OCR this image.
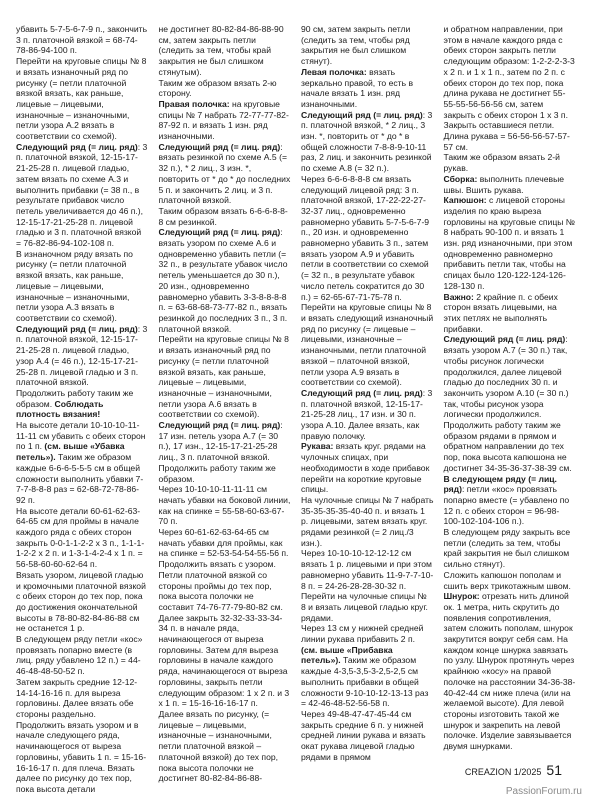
убавить 5-7-5-6-7-9 п., закончить 3 п. платочной вязкой = 68-74-78-86-94-100 п.

Перейти на круговые спицы № 8 и вязать изнаночный ряд по рисунку (= петли платочной вязкой вязать, как раньше, лицевые – лицевыми, изнаночные – изнаночными, петли узора А.2 вязать в соответствии со схемой).

Следующий ряд (= лиц. ряд): 3 п. платочной вязкой, 12-15-17-21-25-28 п. лицевой гладью, затем вязать по схеме А.3 и выполнить прибавки (= 38 п., в результате прибавок число петель увеличивается до 46 п.), 12-15-17-21-25-28 п. лицевой гладью и 3 п. платочной вязкой = 76-82-86-94-102-108 п.

В изнаночном ряду вязать по рисунку (= петли платочной вязкой вязать, как раньше, лицевые – лицевыми, изнаночные – изнаночными, петли узора А.3 вязать в соответствии со схемой).

Следующий ряд (= лиц. ряд): 3 п. платочной вязкой, 12-15-17-21-25-28 п. лицевой гладью, узор А.4 (= 46 п.), 12-15-17-21-25-28 п. лицевой гладью и 3 п. платочной вязкой.

Продолжить работу таким же образом. Соблюдать плотность вязания!

На высоте детали 10-10-10-11-11-11 см убавить с обеих сторон по 1 п. (см. выше «Убавка петель»). Таким же образом каждые 6-6-6-5-5-5 см в общей сложности выполнить убавки 7-7-7-8-8-8 раз = 62-68-72-78-86-92 п.

На высоте детали 60-61-62-63-64-65 см для проймы в начале каждого ряда с обеих сторон закрыть 0-0-1-1-2-2 х 3 п., 1-1-1-1-2-2 х 2 п. и 1-3-1-4-2-4 х 1 п. = 56-58-60-60-62-64 п.

Вязать узором, лицевой гладью и кромочными платочной вязкой с обеих сторон до тех пор, пока до достижения окончательной высоты в 78-80-82-84-86-88 см не останется 1 р.

В следующем ряду петли «кос» провязать попарно вместе (в лиц. ряду убавлено 12 п.) = 44-46-48-48-50-52 п.

Затем закрыть средние 12-12-14-14-16-16 п. для выреза горловины. Далее вязать обе стороны раздельно.

Продолжить вязать узором и в начале следующего ряда, начинающегося от выреза горловины, убавить 1 п. = 15-16-16-16-17 п. для плеча. Вязать далее по рисунку до тех пор, пока высота детали

не достигнет 80-82-84-86-88-90 см, затем закрыть петли (следить за тем, чтобы край закрытия не был слишком стянутым).

Таким же образом вязать 2-ю сторону.

Правая полочка: на круговые спицы № 7 набрать 72-77-77-82-87-92 п. и вязать 1 изн. ряд изнаночными.

Следующий ряд (= лиц. ряд): вязать резинкой по схеме А.5 (= 32 п.), * 2 лиц., 3 изн. *, повторить от * до * до последних 5 п. и закончить 2 лиц. и 3 п. платочной вязкой.

Таким образом вязать 6-6-6-8-8-8 см резинкой.

Следующий ряд (= лиц. ряд): вязать узором по схеме А.6 и одновременно убавить петли (= 32 п., в результате убавок число петель уменьшается до 30 п.), 20 изн., одновременно равномерно убавить 3-3-8-8-8-8 п. = 63-68-68-73-77-82 п., вязать резинкой до последних 3 п., 3 п. платочной вязкой.

Перейти на круговые спицы № 8 и вязать изнаночный ряд по рисунку (= петли платочной вязкой вязать, как раньше, лицевые – лицевыми, изнаночные – изнаночными, петли узора А.6 вязать в соответствии со схемой).

Следующий ряд (= лиц. ряд): 17 изн. петель узора А.7 (= 30 п.), 17 изн., 12-15-17-21-25-28 лиц., 3 п. платочной вязкой. Продолжить работу таким же образом.

Через 10-10-10-11-11-11 см начать убавки на боковой линии, как на спинке = 55-58-60-63-67-70 п.

Через 60-61-62-63-64-65 см начать убавки для проймы, как на спинке = 52-53-54-54-55-56 п. Продолжить вязать с узором. Петли платочной вязкой со стороны проймы до тех пор, пока высота полочки не составит 74-76-77-79-80-82 см.

Далее закрыть 32-32-33-33-34-34 п. в начале ряда, начинающегося от выреза горловины. Затем для выреза горловины в начале каждого ряда, начинающегося от выреза горловины, закрыть петли следующим образом: 1 х 2 п. и 3 х 1 п. = 15-16-16-16-17 п.

Далее вязать по рисунку, (= лицевые – лицевыми, изнаночные – изнаночными, петли платочной вязкой – платочной вязкой) до тех пор, пока высота полочки не достигнет 80-82-84-86-88-

90 см, затем закрыть петли (следить за тем, чтобы ряд закрытия не был слишком стянут).

Левая полочка: вязать зеркально правой, то есть в начале вязать 1 изн. ряд изнаночными.

Следующий ряд (= лиц. ряд): 3 п. платочной вязкой, * 2 лиц., 3 изн. *, повторить от * до * в общей сложности 7-8-8-9-10-11 раз, 2 лиц. и закончить резинкой по схеме А.8 (= 32 п.).

Через 6-6-6-8-8-8 см вязать следующий лицевой ряд: 3 п. платочной вязкой, 17-22-22-27-32-37 лиц., одновременно равномерно убавить 5-7-5-6-7-9 п., 20 изн. и одновременно равномерно убавить 3 п., затем вязать узором А.9 и убавить петли в соответствии со схемой (= 32 п., в результате убавок число петель сократится до 30 п.) = 62-65-67-71-75-78 п.

Перейти на круговые спицы № 8 и вязать следующий изнаночный ряд по рисунку (= лицевые – лицевыми, изнаночные – изнаночными, петли платочной вязкой – платочной вязкой, петли узора А.9 вязать в соответствии со схемой).

Следующий ряд (= лиц. ряд): 3 п. платочной вязкой, 12-15-17-21-25-28 лиц., 17 изн. и 30 п. узора А.10. Далее вязать, как правую полочку.

Рукава: вязать круг. рядами на чулочных спицах, при необходимости в ходе прибавок перейти на короткие круговые спицы.

На чулочные спицы № 7 набрать 35-35-35-35-40-40 п. и вязать 1 р. лицевыми, затем вязать круг. рядами резинкой (= 2 лиц./3 изн.).

Через 10-10-10-12-12-12 см вязать 1 р. лицевыми и при этом равномерно убавить 11-9-7-7-10-8 п. = 24-26-28-28-30-32 п.

Перейти на чулочные спицы № 8 и вязать лицевой гладью круг. рядами.

Через 13 см у нижней средней линии рукава прибавить 2 п. (см. выше «Прибавка петель»). Таким же образом каждые 4-3,5-3,5-3-2,5-2,5 см выполнить прибавки в общей сложности 9-10-10-12-13-13 раз = 42-46-48-52-56-58 п.

Через 49-48-47-47-45-44 см закрыть средние 6 п. у нижней средней линии рукава и вязать окат рукава лицевой гладью рядами в прямом

и обратном направлении, при этом в начале каждого ряда с обеих сторон закрыть петли следующим образом: 1-2-2-2-3-3 х 2 п. и 1 х 1 п., затем по 2 п. с обеих сторон до тех пор, пока длина рукава не достигнет 55-55-55-56-56-56 см, затем закрыть с обеих сторон 1 х 3 п. Закрыть оставшиеся петли. Длина рукава = 56-56-56-57-57-57 см.

Таким же образом вязать 2-й рукав.

Сборка: выполнить плечевые швы. Вшить рукава.

Капюшон: с лицевой стороны изделия по краю выреза горловины на круговые спицы № 8 набрать 90-100 п. и вязать 1 изн. ряд изнаночными, при этом одновременно равномерно прибавить петли так, чтобы на спицах было 120-122-124-126-128-130 п.

Важно: 2 крайние п. с обеих сторон вязать лицевыми, на этих петлях не выполнять прибавки.

Следующий ряд (= лиц. ряд): вязать узором А.7 (= 30 п.) так, чтобы рисунок логически продолжился, далее лицевой гладью до последних 30 п. и закончить узором А.10 (= 30 п.) так, чтобы рисунок узора логически продолжился.

Продолжить работу таким же образом рядами в прямом и обратном направлении до тех пор, пока высота капюшона не достигнет 34-35-36-37-38-39 см.

В следующем ряду (= лиц. ряд): петли «кос» провязать попарно вместе (= убавлено по 12 п. с обеих сторон = 96-98-100-102-104-106 п.).

В следующем ряду закрыть все петли (следить за тем, чтобы край закрытия не был слишком сильно стянут).

Сложить капюшон пополам и сшить верх трикотажным швом.

Шнурок: отрезать нить длиной ок. 1 метра, нить скрутить до появления сопротивления, затем сложить пополам, шнурок закрутится вокруг себя сам. На каждом конце шнурка завязать по узлу. Шнурок протянуть через крайнюю «косу» на правой полочке на расстоянии 34-36-38-40-42-44 см ниже плеча (или на желаемой высоте). Для левой стороны изготовить такой же шнурок и закрепить на левой полочке. Изделие завязывается двумя шнурками.

CREAZION 1/2025 51
PassionForum.ru
